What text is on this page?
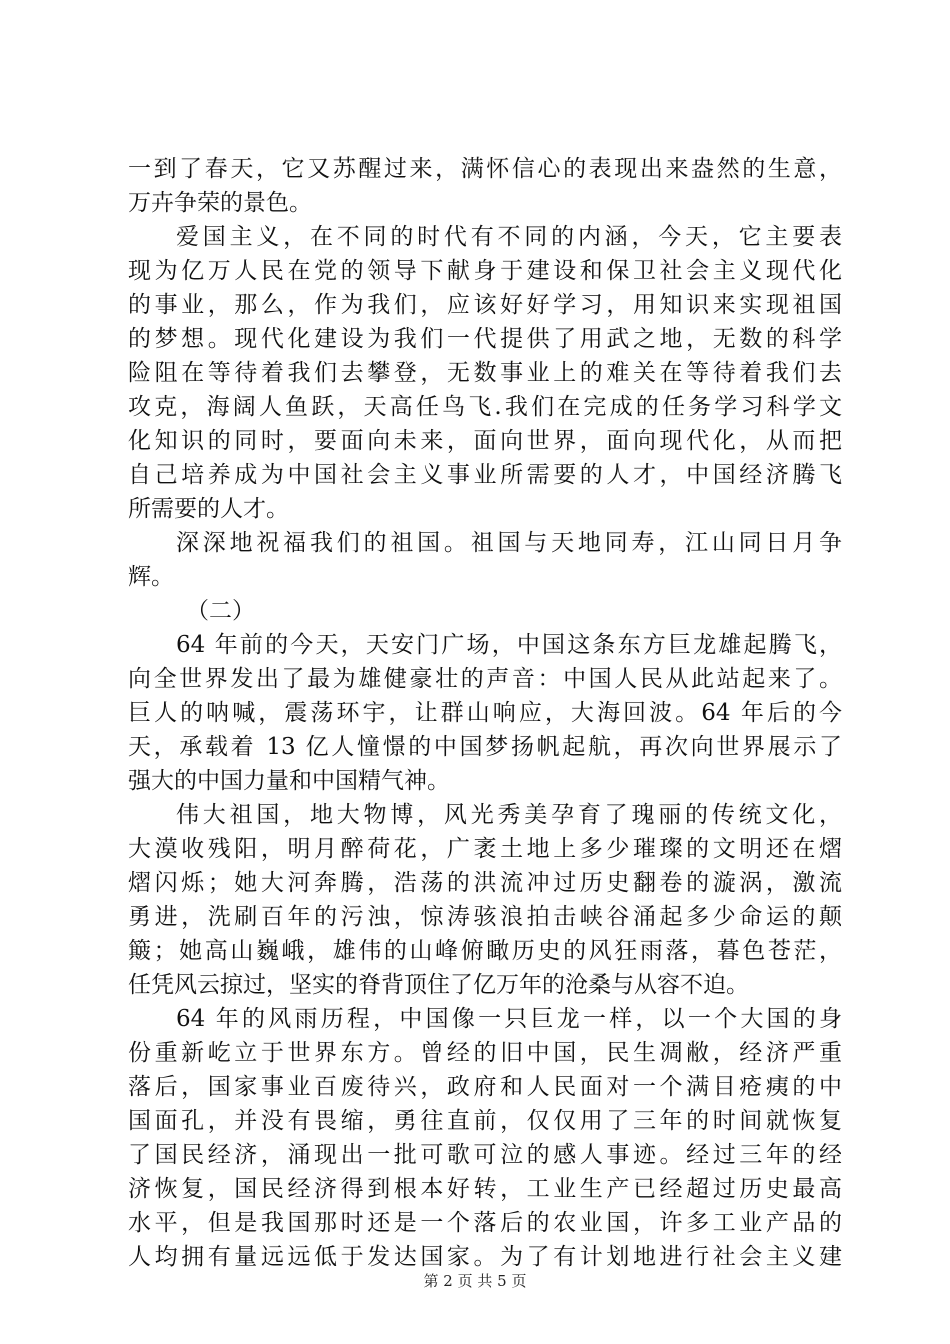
一到了春天，它又苏醒过来，满怀信心的表现出来盎然的生意，
万卉争荣的景色。
爱国主义，在不同的时代有不同的内涵，今天，它主要表
现为亿万人民在党的领导下献身于建设和保卫社会主义现代化
的事业，那么，作为我们，应该好好学习，用知识来实现祖国
的梦想。现代化建设为我们一代提供了用武之地，无数的科学
险阻在等待着我们去攀登，无数事业上的难关在等待着我们去
攻克，海阔人鱼跃，天高任鸟飞.我们在完成的任务学习科学文
化知识的同时，要面向未来，面向世界，面向现代化，从而把
自己培养成为中国社会主义事业所需要的人才，中国经济腾飞
所需要的人才。
深深地祝福我们的祖国。祖国与天地同寿，江山同日月争
辉。
（二）
64 年前的今天，天安门广场，中国这条东方巨龙雄起腾飞，
向全世界发出了最为雄健豪壮的声音：中国人民从此站起来了。
巨人的呐喊，震荡环宇，让群山响应，大海回波。64 年后的今
天，承载着 13 亿人憧憬的中国梦扬帆起航，再次向世界展示了
强大的中国力量和中国精气神。
伟大祖国，地大物博，风光秀美孕育了瑰丽的传统文化，
大漠收残阳，明月醉荷花，广袤土地上多少璀璨的文明还在熠
熠闪烁；她大河奔腾，浩荡的洪流冲过历史翻卷的漩涡，激流
勇进，洗刷百年的污浊，惊涛骇浪拍击峡谷涌起多少命运的颠
簸；她高山巍峨，雄伟的山峰俯瞰历史的风狂雨落，暮色苍茫，
任凭风云掠过，坚实的脊背顶住了亿万年的沧桑与从容不迫。
64 年的风雨历程，中国像一只巨龙一样，以一个大国的身
份重新屹立于世界东方。曾经的旧中国，民生凋敝，经济严重
落后，国家事业百废待兴，政府和人民面对一个满目疮痍的中
国面孔，并没有畏缩，勇往直前，仅仅用了三年的时间就恢复
了国民经济，涌现出一批可歌可泣的感人事迹。经过三年的经
济恢复，国民经济得到根本好转，工业生产已经超过历史最高
水平，但是我国那时还是一个落后的农业国，许多工业产品的
人均拥有量远远低于发达国家。为了有计划地进行社会主义建
第 2 页 共 5 页
